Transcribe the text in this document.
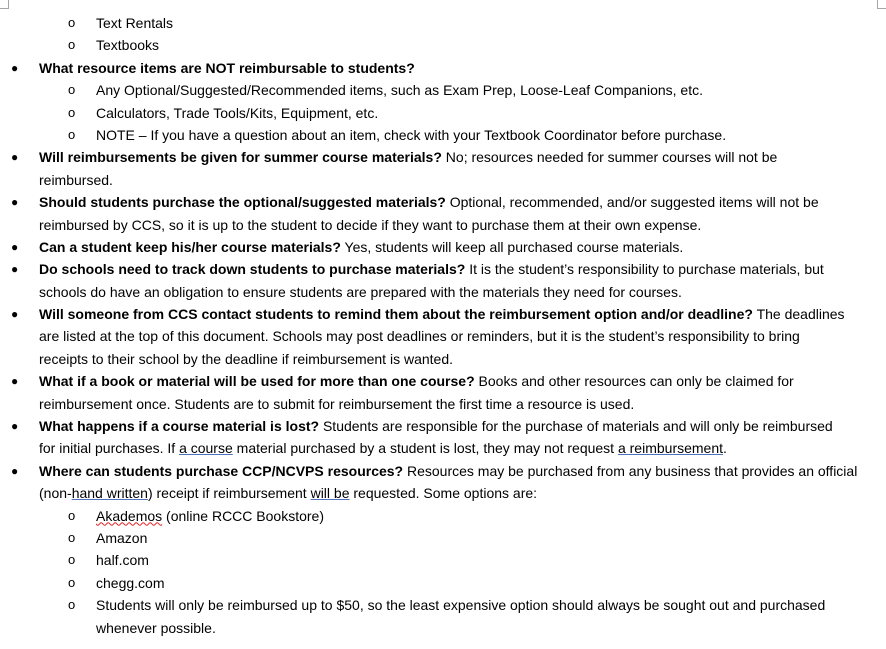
o Text Rentals
o Textbooks
● What resource items are NOT reimbursable to students?
o Any Optional/Suggested/Recommended items, such as Exam Prep, Loose-Leaf Companions, etc.
o Calculators, Trade Tools/Kits, Equipment, etc.
o NOTE – If you have a question about an item, check with your Textbook Coordinator before purchase.
● Will reimbursements be given for summer course materials? No; resources needed for summer courses will not be
reimbursed.
● Should students purchase the optional/suggested materials? Optional, recommended, and/or suggested items will not be
reimbursed by CCS, so it is up to the student to decide if they want to purchase them at their own expense.
● Can a student keep his/her course materials? Yes, students will keep all purchased course materials.
● Do schools need to track down students to purchase materials? It is the student’s responsibility to purchase materials, but
schools do have an obligation to ensure students are prepared with the materials they need for courses.
● Will someone from CCS contact students to remind them about the reimbursement option and/or deadline? The deadlines
are listed at the top of this document. Schools may post deadlines or reminders, but it is the student’s responsibility to bring
receipts to their school by the deadline if reimbursement is wanted.
● What if a book or material will be used for more than one course? Books and other resources can only be claimed for
reimbursement once. Students are to submit for reimbursement the first time a resource is used.
● What happens if a course material is lost? Students are responsible for the purchase of materials and will only be reimbursed
for initial purchases. If a course material purchased by a student is lost, they may not request a reimbursement.
● Where can students purchase CCP/NCVPS resources? Resources may be purchased from any business that provides an official
(non-hand written) receipt if reimbursement will be requested. Some options are:
o Akademos (online RCCC Bookstore)
o Amazon
o half.com
o chegg.com
o Students will only be reimbursed up to $50, so the least expensive option should always be sought out and purchased
whenever possible.
